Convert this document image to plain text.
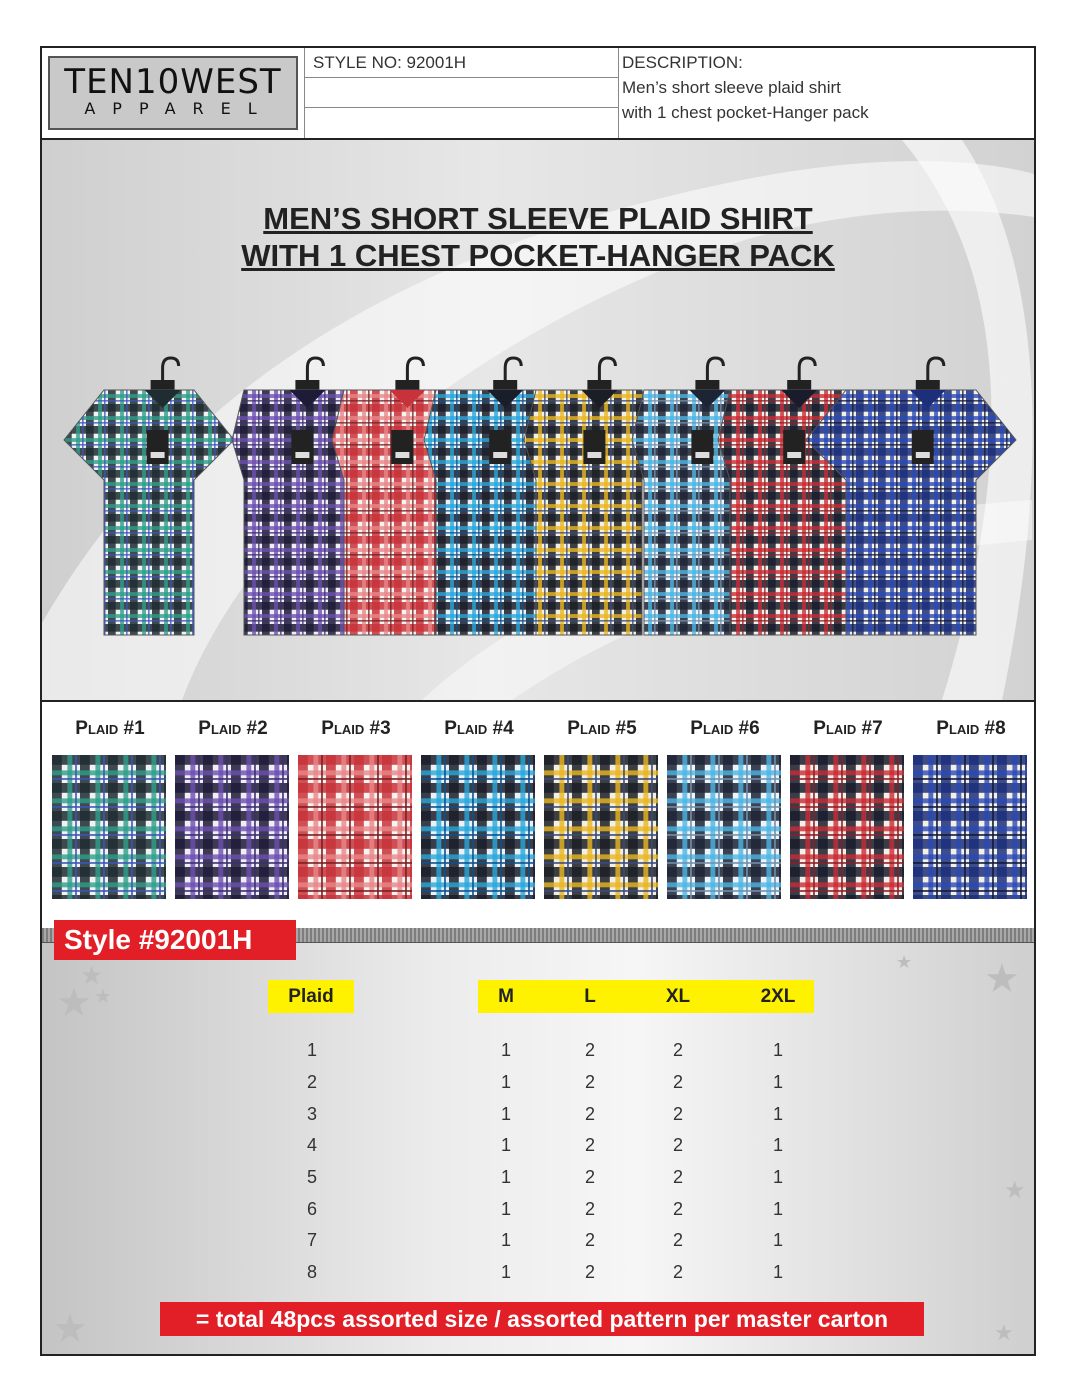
TEN10WEST
APPAREL
STYLE NO: 92001H	DESCRIPTION:
Men’s short sleeve plaid shirt
with 1 chest pocket-Hanger pack
MEN’S SHORT SLEEVE PLAID SHIRT
WITH 1 CHEST POCKET-HANGER PACK
Plaid #1	Plaid #2	Plaid #3	Plaid #4	Plaid #5	Plaid #6	Plaid #7	Plaid #8
Style #92001H
★
★ ★
★ ★
★
★	★
Plaid	M	L	XL	2XL
1	1	2	2	1
2	1	2	2	1
3	1	2	2	1
4	1	2	2	1
5	1	2	2	1
6	1	2	2	1
7	1	2	2	1
8	1	2	2	1
= total 48pcs assorted size / assorted pattern per master carton
